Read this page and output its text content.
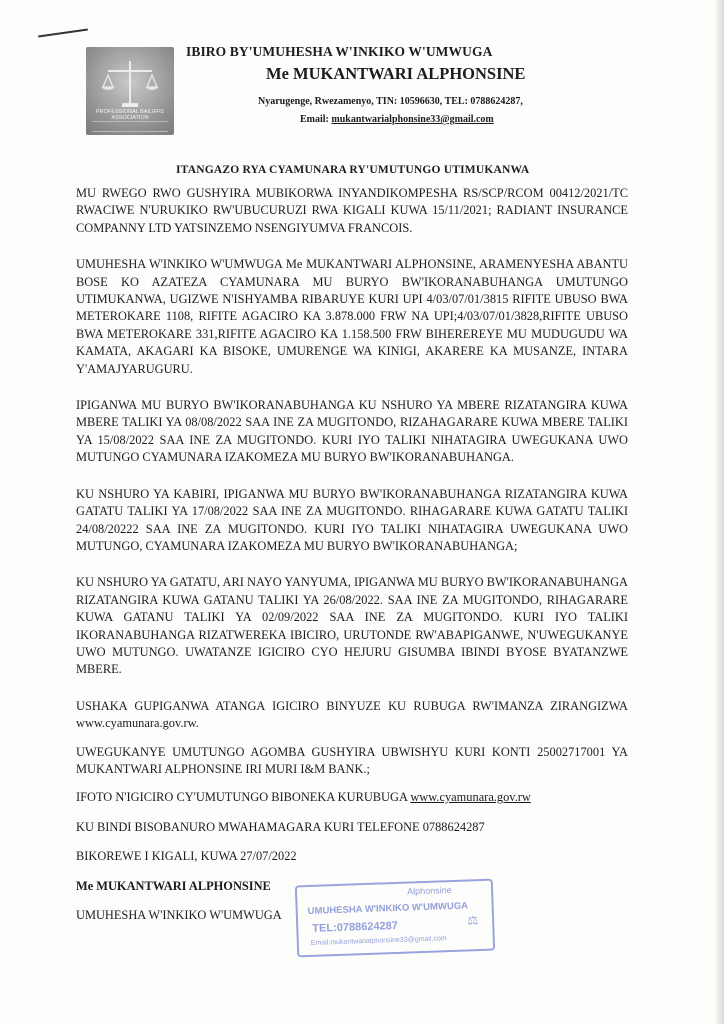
PROFESSIONAL BAILIFFS ASSOCIATION
IBIRO BY'UMUHESHA W'INKIKO W'UMWUGA
Me MUKANTWARI ALPHONSINE
Nyarugenge, Rwezamenyo, TIN: 10596630, TEL: 0788624287,
Email: mukantwarialphonsine33@gmail.com
ITANGAZO RYA CYAMUNARA RY'UMUTUNGO UTIMUKANWA

MU RWEGO RWO GUSHYIRA MUBIKORWA INYANDIKOMPESHA RS/SCP/RCOM 00412/2021/TC RWACIWE N'URUKIKO RW'UBUCURUZI RWA KIGALI KUWA 15/11/2021; RADIANT INSURANCE COMPANNY LTD YATSINZEMO NSENGIYUMVA FRANCOIS.

UMUHESHA W'INKIKO W'UMWUGA Me MUKANTWARI ALPHONSINE, ARAMENYESHA ABANTU BOSE KO AZATEZA CYAMUNARA MU BURYO BW'IKORANABUHANGA UMUTUNGO UTIMUKANWA, UGIZWE N'ISHYAMBA RIBARUYE KURI UPI 4/03/07/01/3815 RIFITE UBUSO BWA METEROKARE 1108, RIFITE AGACIRO KA 3.878.000 FRW NA UPI;4/03/07/01/3828,RIFITE UBUSO BWA METEROKARE 331,RIFITE AGACIRO KA 1.158.500 FRW BIHEREREYE MU MUDUGUDU WA KAMATA, AKAGARI KA BISOKE, UMURENGE WA KINIGI, AKARERE KA MUSANZE, INTARA Y'AMAJYARUGURU.

IPIGANWA MU BURYO BW'IKORANABUHANGA KU NSHURO YA MBERE RIZATANGIRA KUWA MBERE TALIKI YA 08/08/2022 SAA INE ZA MUGITONDO, RIZAHAGARARE KUWA MBERE TALIKI YA 15/08/2022 SAA INE ZA MUGITONDO. KURI IYO TALIKI NIHATAGIRA UWEGUKANA UWO MUTUNGO CYAMUNARA IZAKOMEZA MU BURYO BW'IKORANABUHANGA.

KU NSHURO YA KABIRI, IPIGANWA MU BURYO BW'IKORANABUHANGA RIZATANGIRA KUWA GATATU TALIKI YA 17/08/2022 SAA INE ZA MUGITONDO. RIHAGARARE KUWA GATATU TALIKI 24/08/20222 SAA INE ZA MUGITONDO. KURI IYO TALIKI NIHATAGIRA UWEGUKANA UWO MUTUNGO, CYAMUNARA IZAKOMEZA MU BURYO BW'IKORANABUHANGA;

KU NSHURO YA GATATU, ARI NAYO YANYUMA, IPIGANWA MU BURYO BW'IKORANABUHANGA RIZATANGIRA KUWA GATANU TALIKI YA 26/08/2022. SAA INE ZA MUGITONDO, RIHAGARARE KUWA GATANU TALIKI YA 02/09/2022 SAA INE ZA MUGITONDO. KURI IYO TALIKI IKORANABUHANGA RIZATWEREKA IBICIRO, URUTONDE RW'ABAPIGANWE, N'UWEGUKANYE UWO MUTUNGO. UWATANZE IGICIRO CYO HEJURU GISUMBA IBINDI BYOSE BYATANZWE MBERE.

USHAKA GUPIGANWA ATANGA IGICIRO BINYUZE KU RUBUGA RW'IMANZA ZIRANGIZWA www.cyamunara.gov.rw.

UWEGUKANYE UMUTUNGO AGOMBA GUSHYIRA UBWISHYU KURI KONTI 25002717001 YA MUKANTWARI ALPHONSINE IRI MURI I&M BANK.;

IFOTO N'IGICIRO CY'UMUTUNGO BIBONEKA KURUBUGA www.cyamunara.gov.rw
KU BINDI BISOBANURO MWAHAMAGARA KURI TELEFONE 0788624287
BIKOREWE I KIGALI, KUWA 27/07/2022
Me MUKANTWARI ALPHONSINE
UMUHESHA W'INKIKO W'UMWUGA
Alphonsine
UMUHESHA W'INKIKO W'UMWUGA
TEL:0788624287
Email:mukantwarialphonsine33@gmail.com
⚖
